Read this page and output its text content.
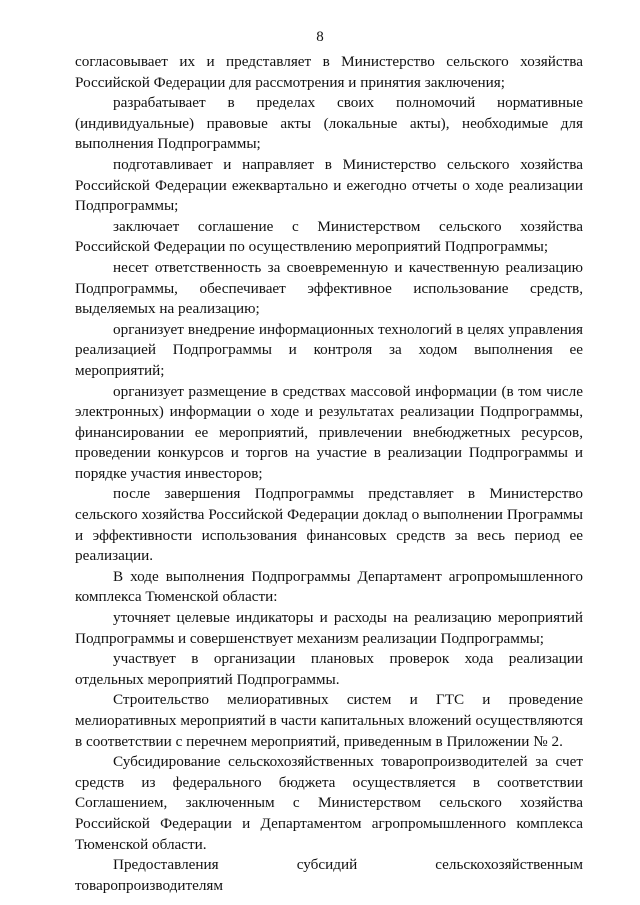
8

согласовывает их и представляет в Министерство сельского хозяйства Российской Федерации для рассмотрения и принятия заключения;

разрабатывает в пределах своих полномочий нормативные (индивидуальные) правовые акты (локальные акты), необходимые для выполнения Подпрограммы;

подготавливает и направляет в Министерство сельского хозяйства Российской Федерации ежеквартально и ежегодно отчеты о ходе реализации Подпрограммы;

заключает соглашение с Министерством сельского хозяйства Российской Федерации по осуществлению мероприятий Подпрограммы;

несет ответственность за своевременную и качественную реализацию Подпрограммы, обеспечивает эффективное использование средств, выделяемых на реализацию;

организует внедрение информационных технологий в целях управления реализацией Подпрограммы и контроля за ходом выполнения ее мероприятий;

организует размещение в средствах массовой информации (в том числе электронных) информации о ходе и результатах реализации Подпрограммы, финансировании ее мероприятий, привлечении внебюджетных ресурсов, проведении конкурсов и торгов на участие в реализации Подпрограммы и порядке участия инвесторов;

после завершения Подпрограммы представляет в Министерство сельского хозяйства Российской Федерации доклад о выполнении Программы и эффективности использования финансовых средств за весь период ее реализации.

В ходе выполнения Подпрограммы Департамент агропромышленного комплекса Тюменской области:

уточняет целевые индикаторы и расходы на реализацию мероприятий Подпрограммы и совершенствует механизм реализации Подпрограммы;

участвует в организации плановых проверок хода реализации отдельных мероприятий Подпрограммы.

Строительство мелиоративных систем и ГТС и проведение мелиоративных мероприятий в части капитальных вложений осуществляются в соответствии с перечнем мероприятий, приведенным в Приложении № 2.

Субсидирование сельскохозяйственных товаропроизводителей за счет средств из федерального бюджета осуществляется в соответствии Соглашением, заключенным с Министерством сельского хозяйства Российской Федерации и Департаментом агропромышленного комплекса Тюменской области.

Предоставления субсидий сельскохозяйственным товаропроизводителям
